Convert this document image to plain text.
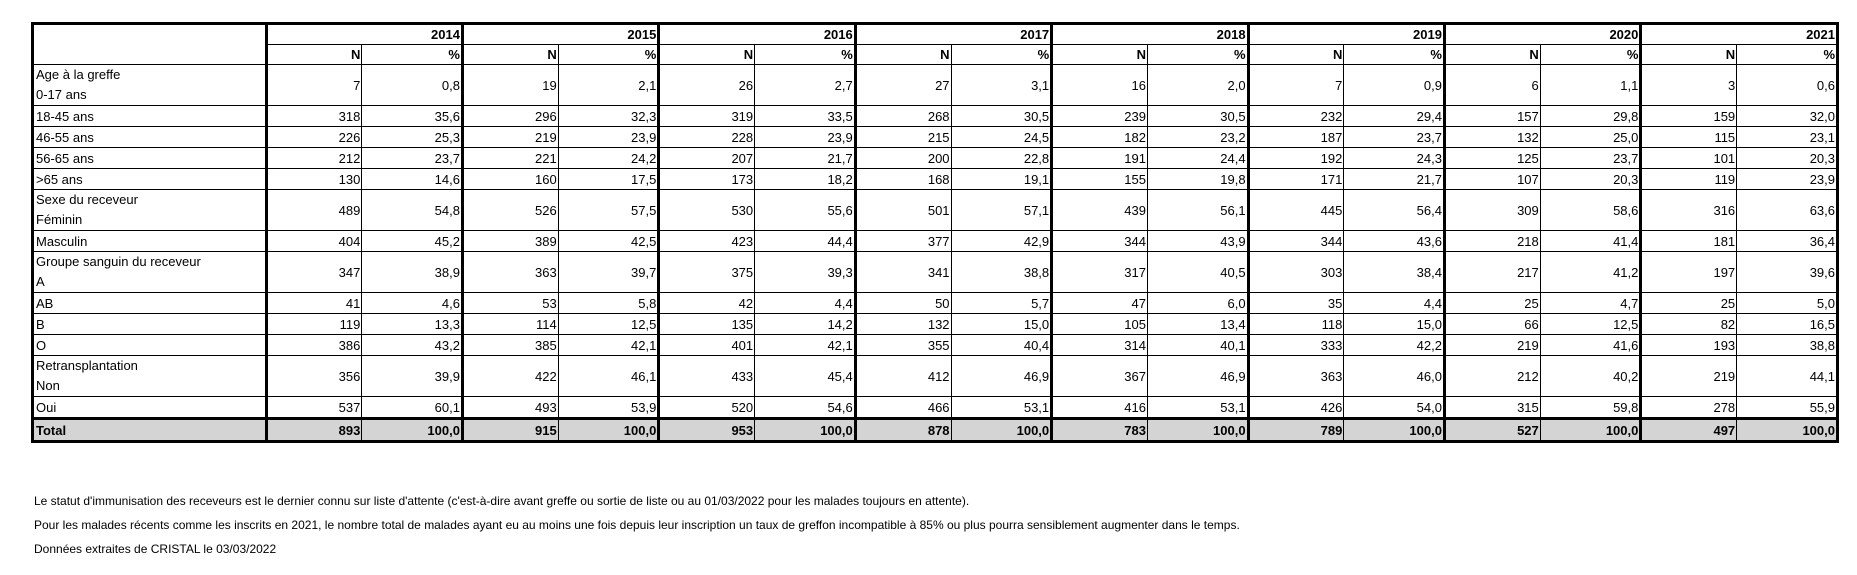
	2014		2015		2016		2017		2018		2019		2020		2021	
	N	%	N	%	N	%	N	%	N	%	N	%	N	%	N	%

Age à la greffe
0-17 ans	7	0,8	19	2,1	26	2,7	27	3,1	16	2,0	7	0,9	6	1,1	3	0,6

18-45 ans	318	35,6	296	32,3	319	33,5	268	30,5	239	30,5	232	29,4	157	29,8	159	32,0

46-55 ans	226	25,3	219	23,9	228	23,9	215	24,5	182	23,2	187	23,7	132	25,0	115	23,1

56-65 ans	212	23,7	221	24,2	207	21,7	200	22,8	191	24,4	192	24,3	125	23,7	101	20,3

>65 ans	130	14,6	160	17,5	173	18,2	168	19,1	155	19,8	171	21,7	107	20,3	119	23,9

Sexe du receveur
Féminin	489	54,8	526	57,5	530	55,6	501	57,1	439	56,1	445	56,4	309	58,6	316	63,6

Masculin	404	45,2	389	42,5	423	44,4	377	42,9	344	43,9	344	43,6	218	41,4	181	36,4

Groupe sanguin du receveur
A	347	38,9	363	39,7	375	39,3	341	38,8	317	40,5	303	38,4	217	41,2	197	39,6

AB	41	4,6	53	5,8	42	4,4	50	5,7	47	6,0	35	4,4	25	4,7	25	5,0

B	119	13,3	114	12,5	135	14,2	132	15,0	105	13,4	118	15,0	66	12,5	82	16,5

O	386	43,2	385	42,1	401	42,1	355	40,4	314	40,1	333	42,2	219	41,6	193	38,8

Retransplantation
Non	356	39,9	422	46,1	433	45,4	412	46,9	367	46,9	363	46,0	212	40,2	219	44,1

Oui	537	60,1	493	53,9	520	54,6	466	53,1	416	53,1	426	54,0	315	59,8	278	55,9
Total	893	100,0	915	100,0	953	100,0	878	100,0	783	100,0	789	100,0	527	100,0	497	100,0
Le statut d'immunisation des receveurs est le dernier connu sur liste d'attente (c'est-à-dire avant greffe ou sortie de liste ou au 01/03/2022 pour les malades toujours en attente).
Pour les malades récents comme les inscrits en 2021, le nombre total de malades ayant eu au moins une fois depuis leur inscription un taux de greffon incompatible à 85% ou plus pourra sensiblement augmenter dans le temps.
Données extraites de CRISTAL le 03/03/2022
